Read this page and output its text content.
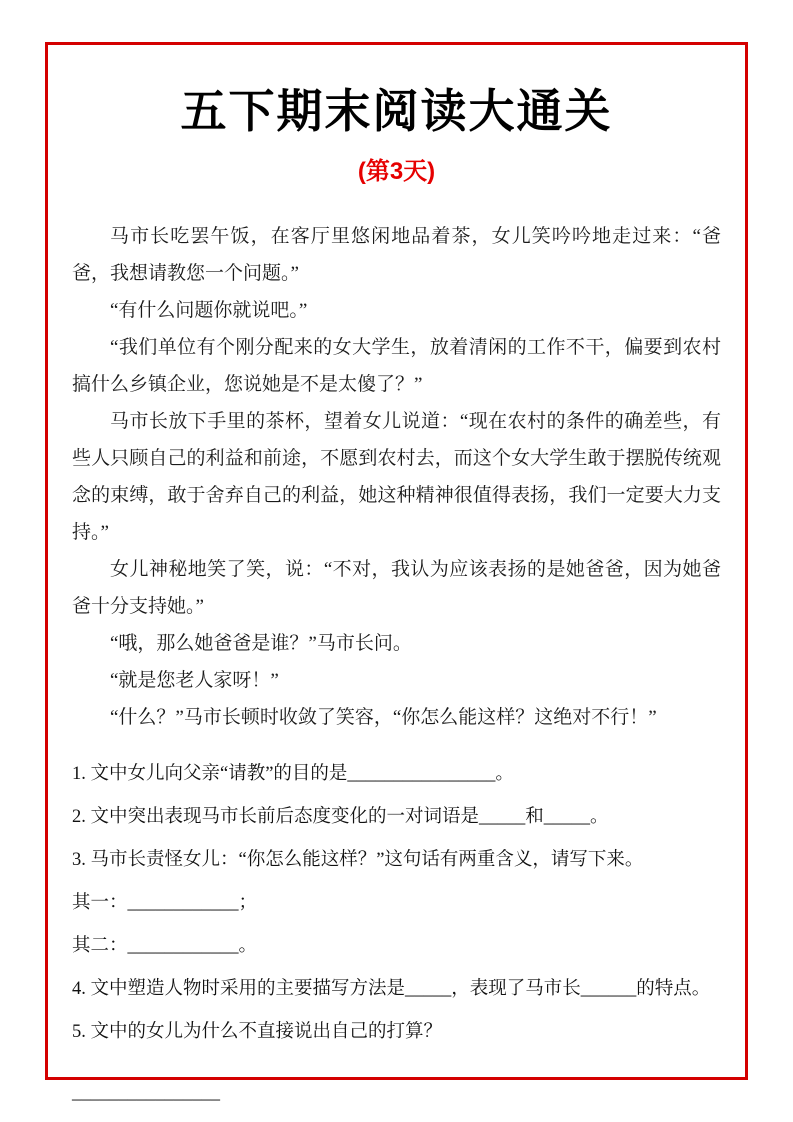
五下期末阅读大通关
(第3天)

马市长吃罢午饭，在客厅里悠闲地品着茶，女儿笑吟吟地走过来：“爸爸，我想请教您一个问题。”

“有什么问题你就说吧。”

“我们单位有个刚分配来的女大学生，放着清闲的工作不干，偏要到农村搞什么乡镇企业，您说她是不是太傻了？”

马市长放下手里的茶杯，望着女儿说道：“现在农村的条件的确差些，有些人只顾自己的利益和前途，不愿到农村去，而这个女大学生敢于摆脱传统观念的束缚，敢于舍弃自己的利益，她这种精神很值得表扬，我们一定要大力支持。”

女儿神秘地笑了笑，说：“不对，我认为应该表扬的是她爸爸，因为她爸爸十分支持她。”

“哦，那么她爸爸是谁？”马市长问。

“就是您老人家呀！”

“什么？”马市长顿时收敛了笑容，“你怎么能这样？这绝对不行！”

1. 文中女儿向父亲“请教”的目的是________________。

2. 文中突出表现马市长前后态度变化的一对词语是_____和_____。

3. 马市长责怪女儿：“你怎么能这样？”这句话有两重含义，请写下来。

其一：____________；

其二：____________。

4. 文中塑造人物时采用的主要描写方法是_____，表现了马市长______的特点。

5. 文中的女儿为什么不直接说出自己的打算？

________________
